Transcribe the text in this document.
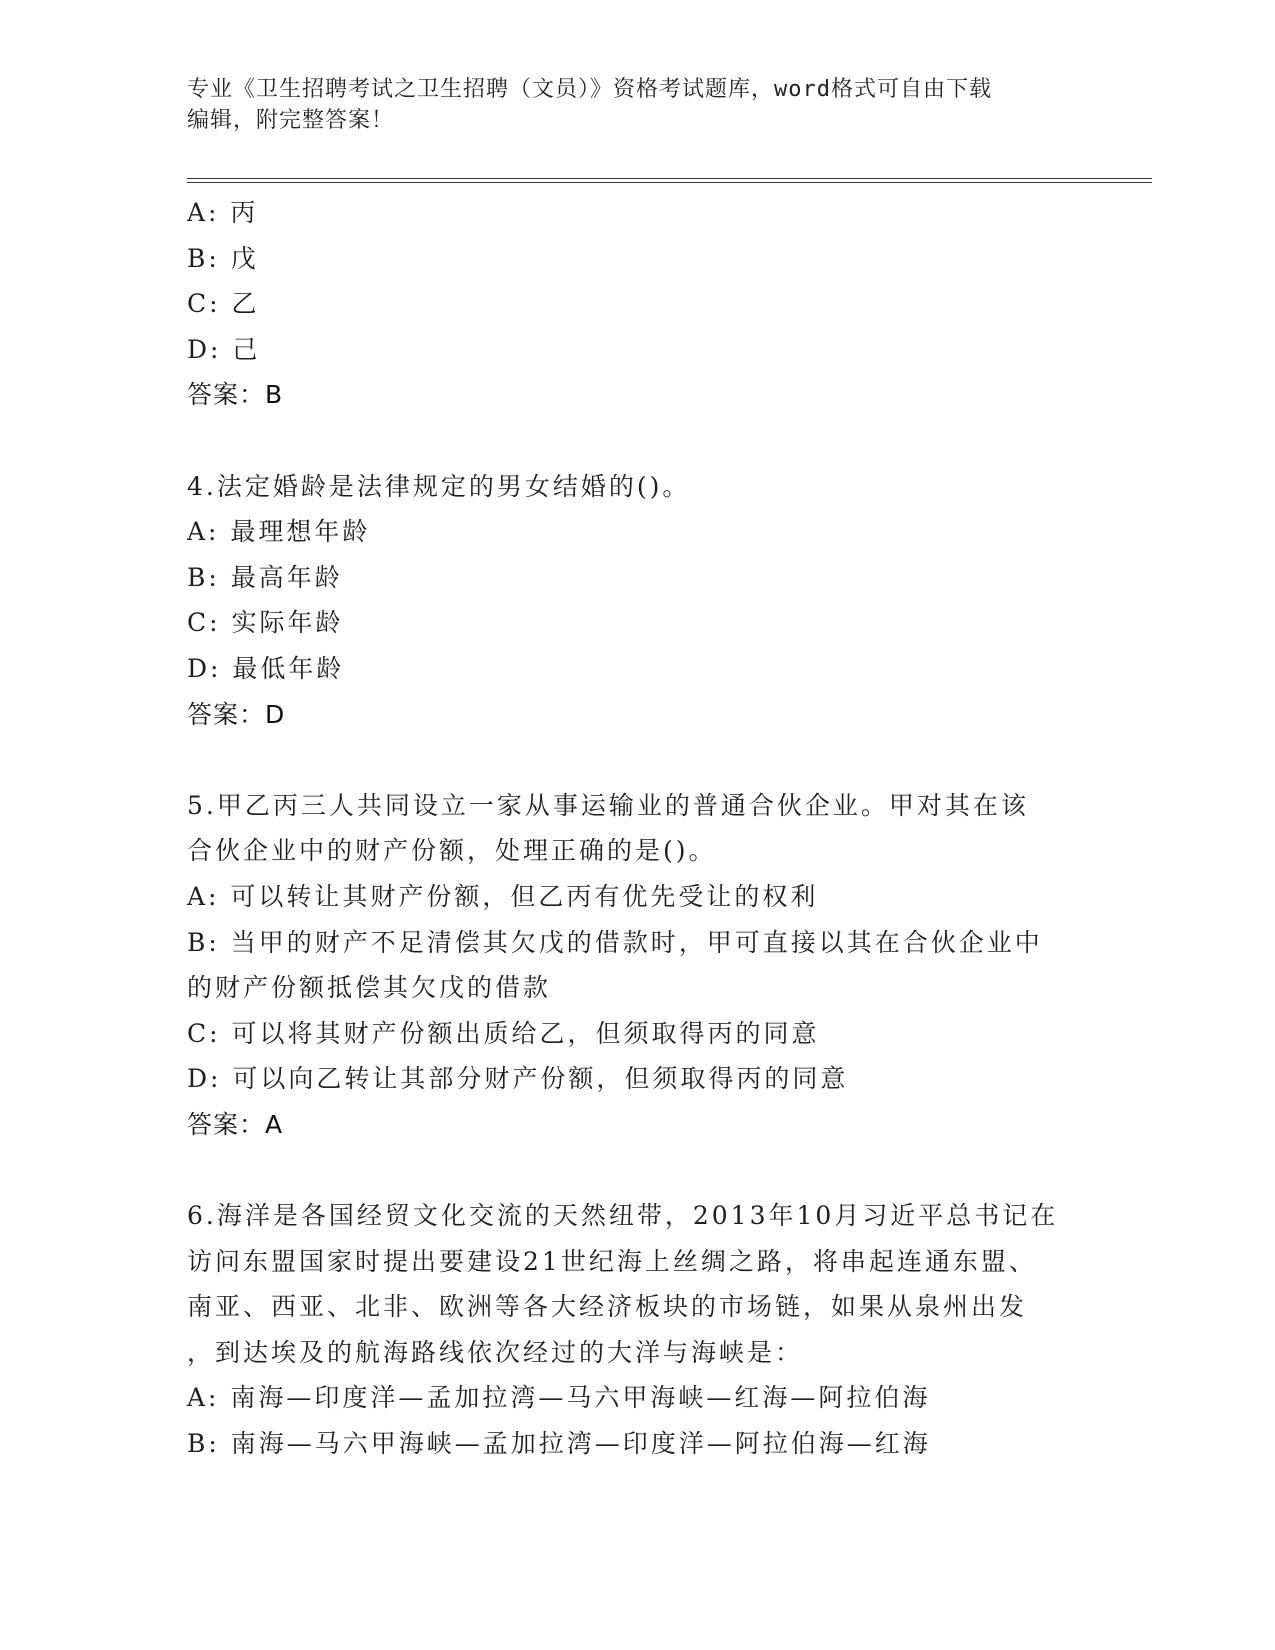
专业《卫生招聘考试之卫生招聘（文员）》资格考试题库，word格式可自由下载

编辑，附完整答案！

A: 丙

B: 戊

C: 乙

D: 己

答案：B

4.法定婚龄是法律规定的男女结婚的()。

A: 最理想年龄

B: 最高年龄

C: 实际年龄

D: 最低年龄

答案：D

5.甲乙丙三人共同设立一家从事运输业的普通合伙企业。甲对其在该

合伙企业中的财产份额，处理正确的是()。

A: 可以转让其财产份额，但乙丙有优先受让的权利

B: 当甲的财产不足清偿其欠戊的借款时，甲可直接以其在合伙企业中

的财产份额抵偿其欠戊的借款

C: 可以将其财产份额出质给乙，但须取得丙的同意

D: 可以向乙转让其部分财产份额，但须取得丙的同意

答案：A

6.海洋是各国经贸文化交流的天然纽带，2013年10月习近平总书记在

访问东盟国家时提出要建设21世纪海上丝绸之路，将串起连通东盟、

南亚、西亚、北非、欧洲等各大经济板块的市场链，如果从泉州出发

，到达埃及的航海路线依次经过的大洋与海峡是：

A: 南海—印度洋—孟加拉湾—马六甲海峡—红海—阿拉伯海

B: 南海—马六甲海峡—孟加拉湾—印度洋—阿拉伯海—红海
